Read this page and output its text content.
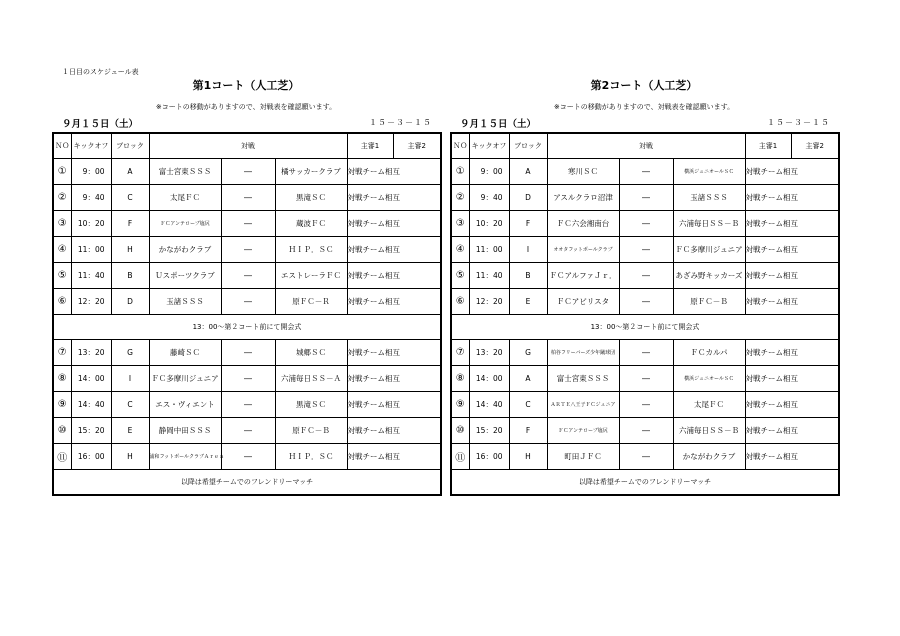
１日目のスケジュール表
第1コート（人工芝）
※コートの移動がありますので、対戦表を確認願います。
９月１５日（土）	１５－３－１５
ＮＯ	キックオフ	ブロック	対戦			主審1	主審2
①	9：00	A	富士宮東ＳＳＳ	―	橘サッカークラブ	対戦チーム相互	
②	9：40	C	太尾ＦＣ	―	黒滝ＳＣ	対戦チーム相互	
③	10：20	F	ＦＣアンテローブ塩尻	―	蔵波ＦＣ	対戦チーム相互	
④	11：00	H	かながわクラブ	―	ＨＩＰ．ＳＣ	対戦チーム相互	
⑤	11：40	B	Ｕスポーツクラブ	―	エストレーラＦＣ	対戦チーム相互	
⑥	12：20	D	玉諸ＳＳＳ	―	原ＦＣ－Ｒ	対戦チーム相互	
13：00～第２コート前にて開会式							
⑦	13：20	G	藤崎ＳＣ	―	城郷ＳＣ	対戦チーム相互	
⑧	14：00	I	ＦＣ多摩川ジュニア	―	六浦毎日ＳＳ－Ａ	対戦チーム相互	
⑨	14：40	C	エス・ヴィエント	―	黒滝ＳＣ	対戦チーム相互	
⑩	15：20	E	静岡中田ＳＳＳ	―	原ＦＣ－Ｂ	対戦チーム相互	
⑪	16：00	H	浦和フットボールクラブＡｒｅａ	―	ＨＩＰ．ＳＣ	対戦チーム相互	
以降は希望チームでのフレンドリーマッチ							
第2コート（人工芝）
※コートの移動がありますので、対戦表を確認願います。
９月１５日（土）	１５－３－１５
ＮＯ	キックオフ	ブロック	対戦			主審1	主審2
①	9：00	A	寒川ＳＣ	―	横浜ジュニオールＳＣ	対戦チーム相互	
②	9：40	D	アスルクラロ沼津	―	玉諸ＳＳＳ	対戦チーム相互	
③	10：20	F	ＦＣ六会湘南台	―	六浦毎日ＳＳ－Ｂ	対戦チーム相互	
④	11：00	I	オオタフットボールクラブ	―	ＦＣ多摩川ジュニア	対戦チーム相互	
⑤	11：40	B	ＦＣアルファＪｒ．	―	あざみ野キッカーズ	対戦チーム相互	
⑥	12：20	E	ＦＣアビリスタ	―	原ＦＣ－Ｂ	対戦チーム相互	
13：00～第２コート前にて開会式							
⑦	13：20	G	柏谷フリーバーズ少年蹴球団	―	ＦＣカルパ	対戦チーム相互	
⑧	14：00	A	富士宮東ＳＳＳ	―	横浜ジュニオールＳＣ	対戦チーム相互	
⑨	14：40	C	ＡＲＴＥ八王子ＦＣジュニア	―	太尾ＦＣ	対戦チーム相互	
⑩	15：20	F	ＦＣアンテローブ塩尻	―	六浦毎日ＳＳ－Ｂ	対戦チーム相互	
⑪	16：00	H	町田ＪＦＣ	―	かながわクラブ	対戦チーム相互	
以降は希望チームでのフレンドリーマッチ							
